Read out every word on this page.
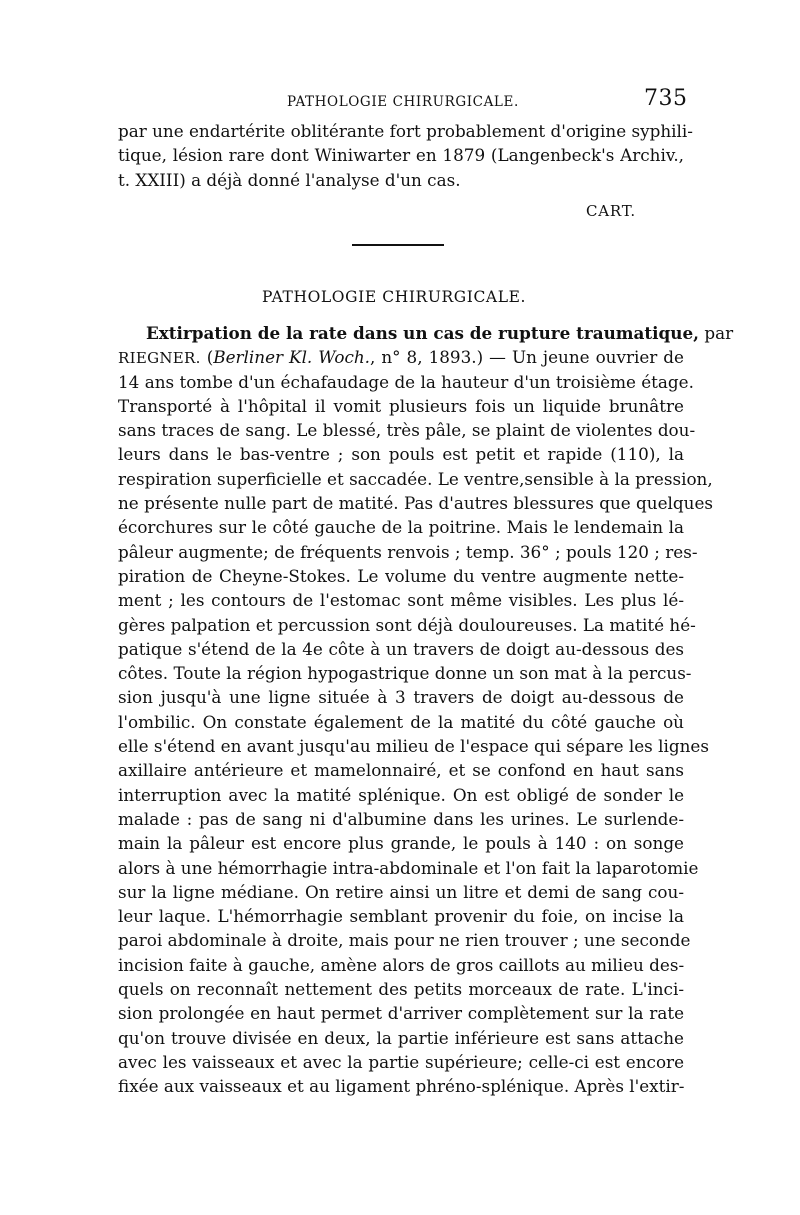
PATHOLOGIE CHIRURGICALE.	735
par une endartérite oblitérante fort probablement d'origine syphili-
tique, lésion rare dont Winiwarter en 1879 (Langenbeck's Archiv.,
t. XXIII) a déjà donné l'analyse d'un cas.
CART.
PATHOLOGIE CHIRURGICALE.
Extirpation de la rate dans un cas de rupture traumatique, par
RIEGNER. (Berliner Kl. Woch., n° 8, 1893.) — Un jeune ouvrier de
14 ans tombe d'un échafaudage de la hauteur d'un troisième étage.
Transporté à l'hôpital il vomit plusieurs fois un liquide brunâtre
sans traces de sang. Le blessé, très pâle, se plaint de violentes dou-
leurs dans le bas-ventre ; son pouls est petit et rapide (110), la
respiration superficielle et saccadée. Le ventre,sensible à la pression,
ne présente nulle part de matité. Pas d'autres blessures que quelques
écorchures sur le côté gauche de la poitrine. Mais le lendemain la
pâleur augmente; de fréquents renvois ; temp. 36° ; pouls 120 ; res-
piration de Cheyne-Stokes. Le volume du ventre augmente nette-
ment ; les contours de l'estomac sont même visibles. Les plus lé-
gères palpation et percussion sont déjà douloureuses. La matité hé-
patique s'étend de la 4e côte à un travers de doigt au-dessous des
côtes. Toute la région hypogastrique donne un son mat à la percus-
sion jusqu'à une ligne située à 3 travers de doigt au-dessous de
l'ombilic. On constate également de la matité du côté gauche où
elle s'étend en avant jusqu'au milieu de l'espace qui sépare les lignes
axillaire antérieure et mamelonnairé, et se confond en haut sans
interruption avec la matité splénique. On est obligé de sonder le
malade : pas de sang ni d'albumine dans les urines. Le surlende-
main la pâleur est encore plus grande, le pouls à 140 : on songe
alors à une hémorrhagie intra-abdominale et l'on fait la laparotomie
sur la ligne médiane. On retire ainsi un litre et demi de sang cou-
leur laque. L'hémorrhagie semblant provenir du foie, on incise la
paroi abdominale à droite, mais pour ne rien trouver ; une seconde
incision faite à gauche, amène alors de gros caillots au milieu des-
quels on reconnaît nettement des petits morceaux de rate. L'inci-
sion prolongée en haut permet d'arriver complètement sur la rate
qu'on trouve divisée en deux, la partie inférieure est sans attache
avec les vaisseaux et avec la partie supérieure; celle-ci est encore
fixée aux vaisseaux et au ligament phréno-splénique. Après l'extir-
